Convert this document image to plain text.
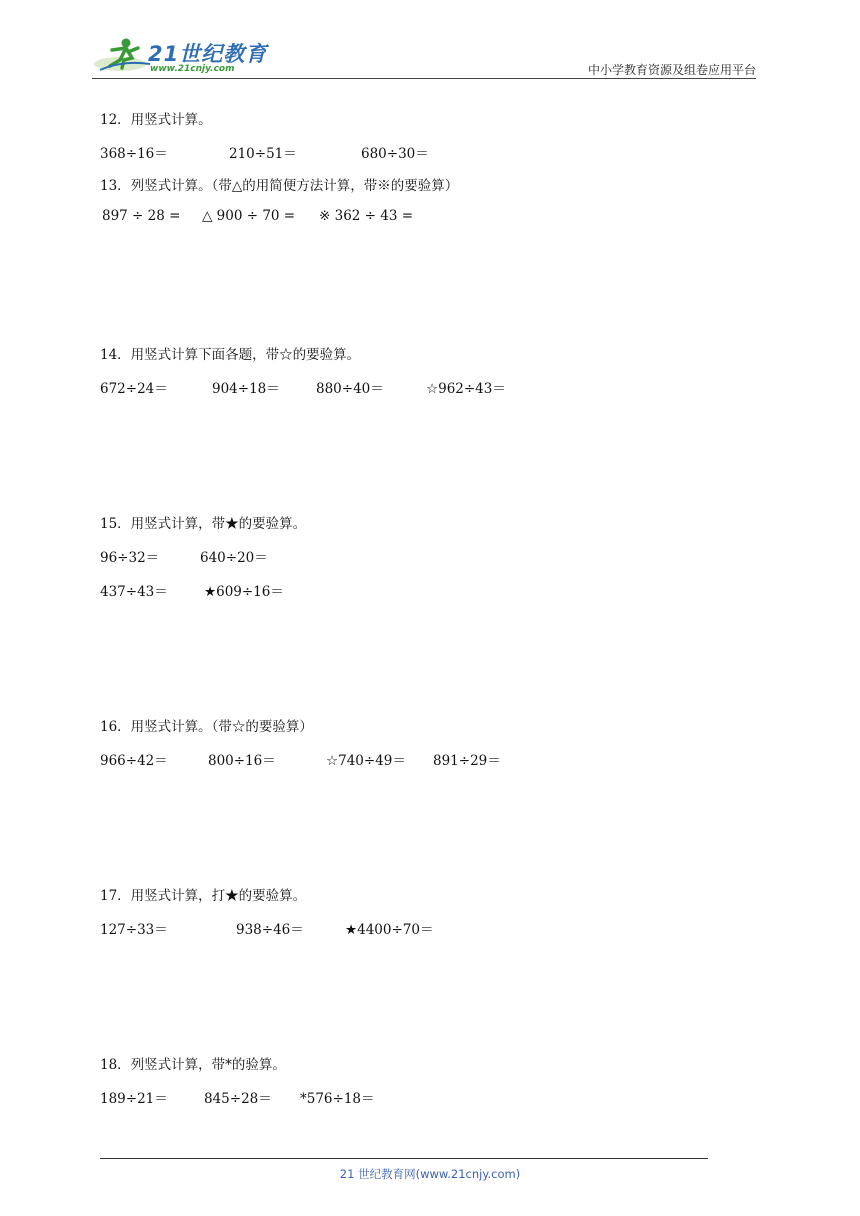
21世纪教育
www.21cnjy.com	中小学教育资源及组卷应用平台
12．用竖式计算。
368÷16＝	210÷51＝	680÷30＝
13．列竖式计算。（带△的用简便方法计算，带※的要验算）
897 ÷ 28 = △ 900 ÷ 70 = ※ 362 ÷ 43 =
14．用竖式计算下面各题，带☆的要验算。
672÷24＝	904÷18＝	880÷40＝	☆962÷43＝
15．用竖式计算，带★的要验算。
96÷32＝	640÷20＝
437÷43＝	★609÷16＝
16．用竖式计算。（带☆的要验算）
966÷42＝	800÷16＝	☆740÷49＝ 891÷29＝
17．用竖式计算，打★的要验算。
127÷33＝	938÷46＝	★4400÷70＝
18．列竖式计算，带*的验算。
189÷21＝	845÷28＝ *576÷18＝
21 世纪教育网(www.21cnjy.com)
